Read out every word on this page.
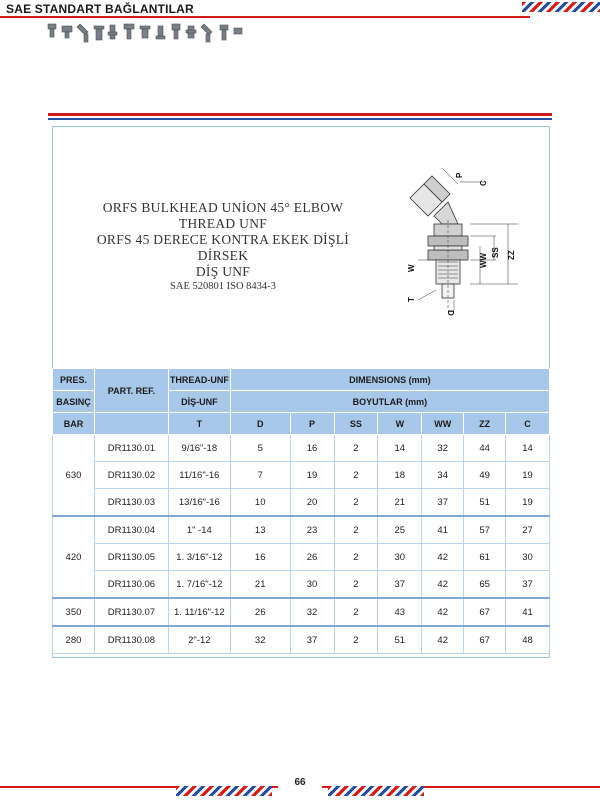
SAE STANDART BAĞLANTILAR
ORFS BULKHEAD UNİON 45° ELBOW
THREAD UNF
ORFS 45 DERECE KONTRA EKEK DİŞLİ DİRSEK
DİŞ UNF
SAE 520801 ISO 8434-3
P
C
SS
WW ZZ
W
T
D
PRES.	PART. REF.	THREAD-UNF	DIMENSIONS (mm)						
BASINÇ		DİŞ-UNF	BOYUTLAR (mm)						
BAR		T	D	P	SS	W	WW	ZZ	C
630	DR1130.01	9/16"-18	5	16	2	14	32	44	14
	DR1130.02	11/16"-16	7	19	2	18	34	49	19
	DR1130.03	13/16"-16	10	20	2	21	37	51	19
420	DR1130.04	1" -14	13	23	2	25	41	57	27
	DR1130.05	1. 3/16"-12	16	26	2	30	42	61	30
	DR1130.06	1. 7/16"-12	21	30	2	37	42	65	37
350	DR1130.07	1. 11/16"-12	26	32	2	43	42	67	41
280	DR1130.08	2"-12	32	37	2	51	42	67	48
66
